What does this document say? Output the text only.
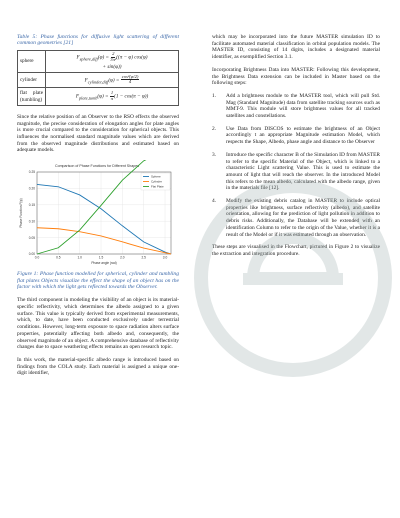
Table 5: Phase functions for diffusive light scattering of different common geometries [21]
sphere	$F_{sphere,diff}(\varphi) = \frac{2}{\text{3π²}} ((\pi - \varphi)$ cos(φ)
+ sin(φ))
cylinder	$F_{cylinder,diff}(\varphi) = \frac{\text{cos²(φ/2)}}{4}$

flat plate (tumbling)	$F_{plate,tumb}(\varphi) = \frac{1}{\pi} (1 - \cos(\pi - \varphi))$

Since the relative position of an Observer to the RSO effects the observed magnitude, the precise consideration of elongation angles for plate angles is more crucial compared to the consideration for spherical objects. This influences the normalised standard magnitude values which are derived from the observed magnitude distributions and estimated based on adequate models.

0.00
0.05
0.10
0.15
0.20
0.25
0.0	0.5	1.0	1.5	2.0	2.5	3.0
Comparison of Phase Functions for Different Shapes
Phase angle (rad)
Phase Function F(φ)
Sphere
Cylinder
Flat Plate
Figure 1: Phase function modelled for spherical, cylinder and tumbling flat plates Objects visualize the effect the shape of an object has on the factor with which the light gets reflected towards the Observer.

The third component in modeling the visibility of an object is its material-specific reflectivity, which determines the albedo assigned to a given surface. This value is typically derived from experimental measurements, which, to date, have been conducted exclusively under terrestrial conditions. However, long-term exposure to space radiation alters surface properties, potentially affecting both albedo and, consequently, the observed magnitude of an object. A comprehensive database of reflectivity changes due to space weathering effects remains an open research topic.

In this work, the material-specific albedo range is introduced based on findings from the COLA study. Each material is assigned a unique one-digit identifier,

which may be incorporated into the future MASTER simulation ID to facilitate automated material classification in orbital population models. The MASTER ID, consisting of 14 digits, includes a designated material identifier, as exemplified Section 3.1.

Incorporating Brightness Data into MASTER: Following this development, the Brightness Data extension can be included in Master based on the following steps:

1.	Add a brightness module to the MASTER tool, which will pull Std. Mag (Standard Magnitude) data from satellite tracking sources such as MMT-9. This module will store brightness values for all tracked satellites and constellations.
2.	Use Data from DISCOS to estimate the brightness of an Object accordingly t an appropriate Magnitude estimation Model, which respects the Shape, Albedo, phase angle and distance to the Observer
3.	Introduce the specific character B of the Simulation ID from MASTER to refer to the specific Material of the Object, which is linked to a characteristic Light scattering Value. This is used to estimate the amount of light that will reach the observer. In the introduced Model this refers to the mean albedo, calculated with the albedo range, given in the materials file [12].
4.	Modify the existing debris catalog in MASTER to include optical properties like brightness, surface reflectivity (albedo), and satellite orientation, allowing for the prediction of light pollution in addition to debris risks. Additionally, the Database will be extended with an identification Column to refer to the origin of the Value, whether it is a result of the Model or if it was estimated through an observation.

These steps are visualised in the Flowchart, pictured in Figure 2 to visualize the extraction and integration procedure.
